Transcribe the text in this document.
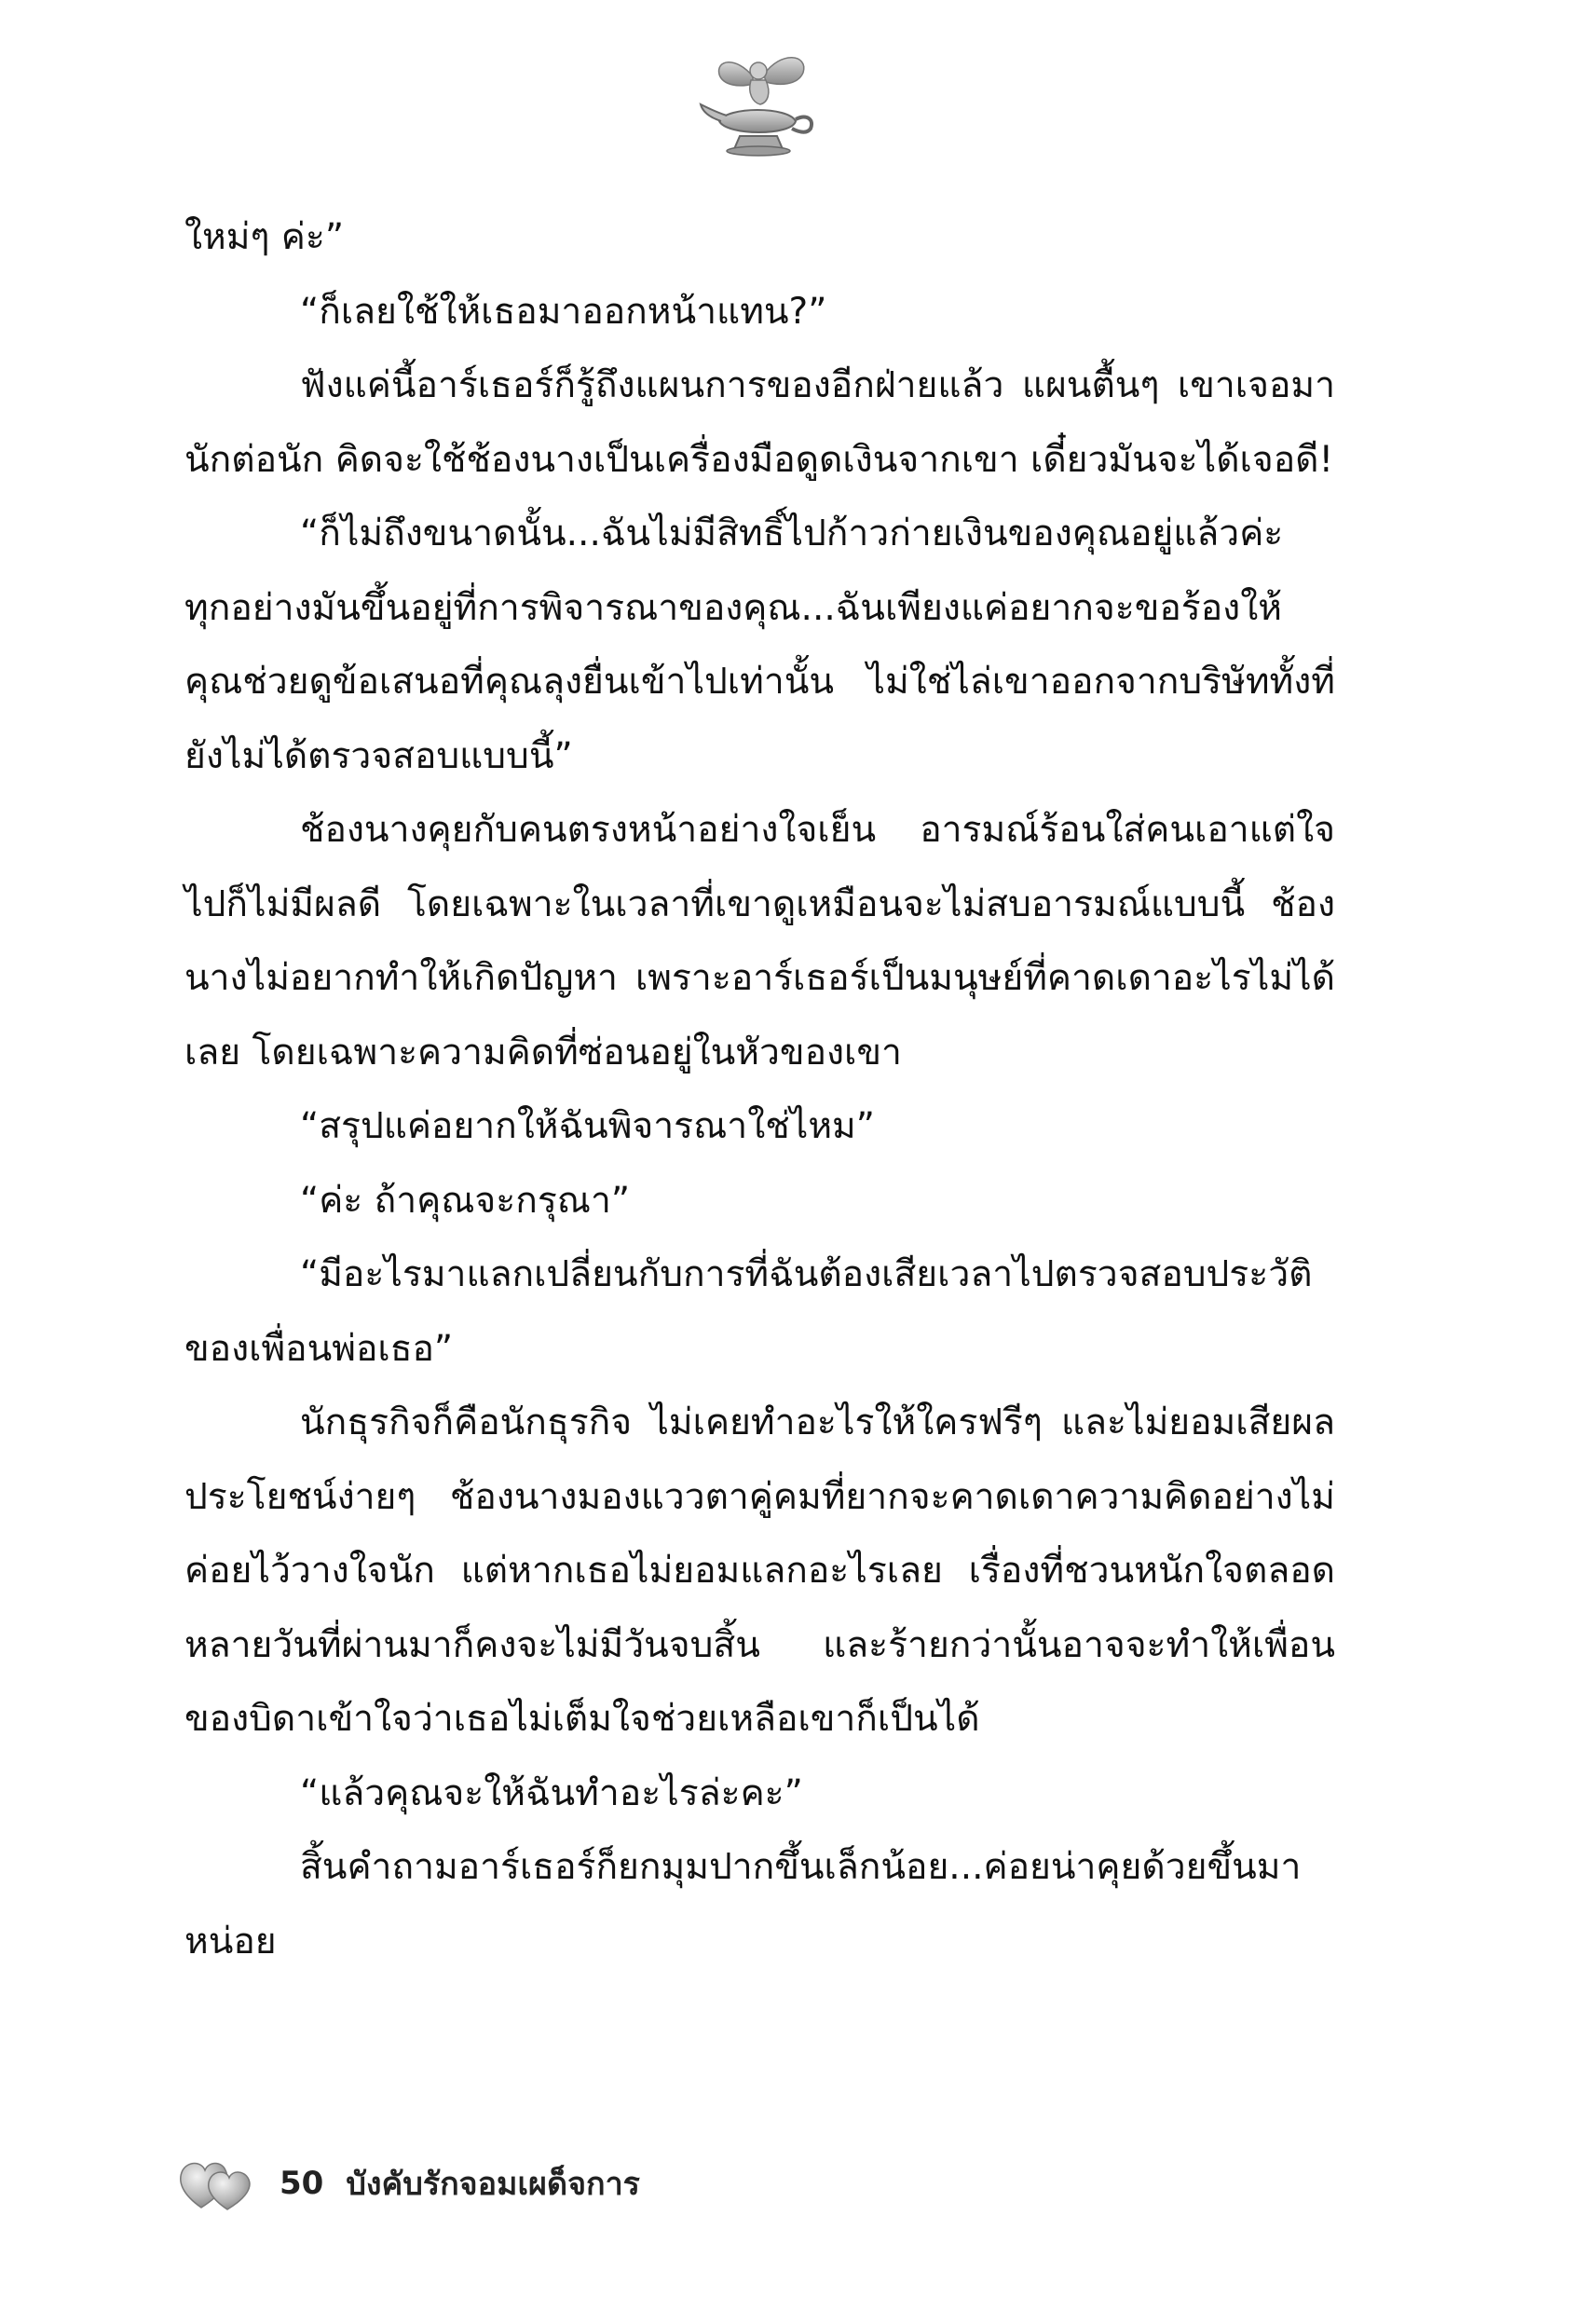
ใหม่ๆ ค่ะ”

“ก็เลยใช้ให้เธอมาออกหน้าแทน?”

ฟังแค่นี้อาร์เธอร์ก็รู้ถึงแผนการของอีกฝ่ายแล้ว แผนตื้นๆ เขาเจอมานักต่อนัก คิดจะใช้ช้องนางเป็นเครื่องมือดูดเงินจากเขา เดี๋ยวมันจะได้เจอดี!

“ก็ไม่ถึงขนาดนั้น...ฉันไม่มีสิทธิ์ไปก้าวก่ายเงินของคุณอยู่แล้วค่ะ ทุกอย่างมันขึ้นอยู่ที่การพิจารณาของคุณ...ฉันเพียงแค่อยากจะขอร้องให้คุณช่วยดูข้อเสนอที่คุณลุงยื่นเข้าไปเท่านั้น ไม่ใช่ไล่เขาออกจากบริษัททั้งที่ยังไม่ได้ตรวจสอบแบบนี้”

ช้องนางคุยกับคนตรงหน้าอย่างใจเย็น อารมณ์ร้อนใส่คนเอาแต่ใจไปก็ไม่มีผลดี โดยเฉพาะในเวลาที่เขาดูเหมือนจะไม่สบอารมณ์แบบนี้ ช้องนางไม่อยากทำให้เกิดปัญหา เพราะอาร์เธอร์เป็นมนุษย์ที่คาดเดาอะไรไม่ได้เลย โดยเฉพาะความคิดที่ซ่อนอยู่ในหัวของเขา

“สรุปแค่อยากให้ฉันพิจารณาใช่ไหม”

“ค่ะ ถ้าคุณจะกรุณา”

“มีอะไรมาแลกเปลี่ยนกับการที่ฉันต้องเสียเวลาไปตรวจสอบประวัติของเพื่อนพ่อเธอ”

นักธุรกิจก็คือนักธุรกิจ ไม่เคยทำอะไรให้ใครฟรีๆ และไม่ยอมเสียผลประโยชน์ง่ายๆ ช้องนางมองแววตาคู่คมที่ยากจะคาดเดาความคิดอย่างไม่ค่อยไว้วางใจนัก แต่หากเธอไม่ยอมแลกอะไรเลย เรื่องที่ชวนหนักใจตลอดหลายวันที่ผ่านมาก็คงจะไม่มีวันจบสิ้น และร้ายกว่านั้นอาจจะทำให้เพื่อนของบิดาเข้าใจว่าเธอไม่เต็มใจช่วยเหลือเขาก็เป็นได้

“แล้วคุณจะให้ฉันทำอะไรล่ะคะ”

สิ้นคำถามอาร์เธอร์ก็ยกมุมปากขึ้นเล็กน้อย...ค่อยน่าคุยด้วยขึ้นมาหน่อย

50 บังคับรักจอมเผด็จการ
